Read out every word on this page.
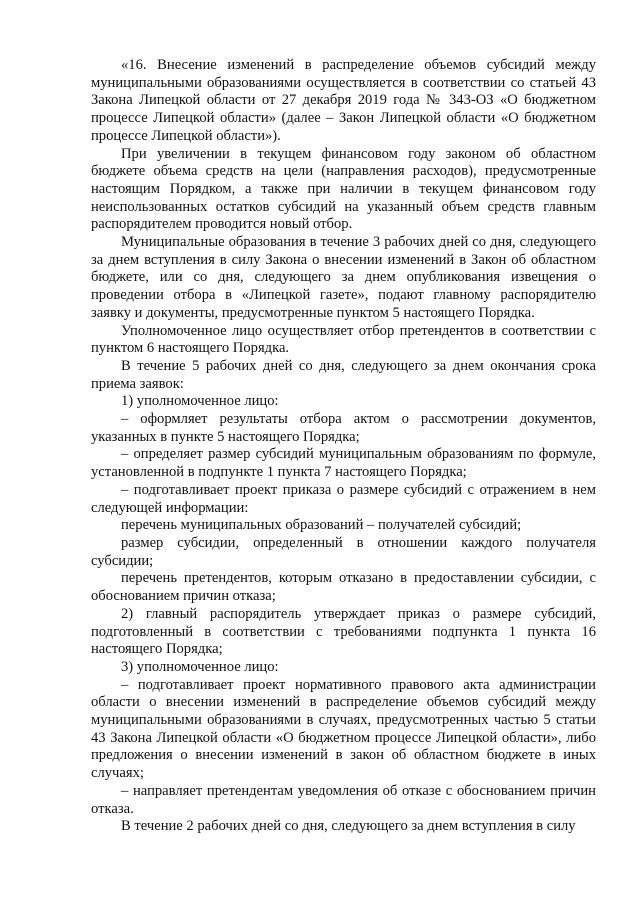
«16. Внесение изменений в распределение объемов субсидий между муниципальными образованиями осуществляется в соответствии со статьей 43 Закона Липецкой области от 27 декабря 2019 года № 343-ОЗ «О бюджетном процессе Липецкой области» (далее – Закон Липецкой области «О бюджетном процессе Липецкой области»).

При увеличении в текущем финансовом году законом об областном бюджете объема средств на цели (направления расходов), предусмотренные настоящим Порядком, а также при наличии в текущем финансовом году неиспользованных остатков субсидий на указанный объем средств главным распорядителем проводится новый отбор.

Муниципальные образования в течение 3 рабочих дней со дня, следующего за днем вступления в силу Закона о внесении изменений в Закон об областном бюджете, или со дня, следующего за днем опубликования извещения о проведении отбора в «Липецкой газете», подают главному распорядителю заявку и документы, предусмотренные пунктом 5 настоящего Порядка.

Уполномоченное лицо осуществляет отбор претендентов в соответствии с пунктом 6 настоящего Порядка.

В течение 5 рабочих дней со дня, следующего за днем окончания срока приема заявок:

1) уполномоченное лицо:

– оформляет результаты отбора актом о рассмотрении документов, указанных в пункте 5 настоящего Порядка;

– определяет размер субсидий муниципальным образованиям по формуле, установленной в подпункте 1 пункта 7 настоящего Порядка;

– подготавливает проект приказа о размере субсидий с отражением в нем следующей информации:

перечень муниципальных образований – получателей субсидий;

размер субсидии, определенный в отношении каждого получателя субсидии;

перечень претендентов, которым отказано в предоставлении субсидии, с обоснованием причин отказа;

2) главный распорядитель утверждает приказ о размере субсидий, подготовленный в соответствии с требованиями подпункта 1 пункта 16 настоящего Порядка;

3) уполномоченное лицо:

– подготавливает проект нормативного правового акта администрации области о внесении изменений в распределение объемов субсидий между муниципальными образованиями в случаях, предусмотренных частью 5 статьи 43 Закона Липецкой области «О бюджетном процессе Липецкой области», либо предложения о внесении изменений в закон об областном бюджете в иных случаях;

– направляет претендентам уведомления об отказе с обоснованием причин отказа.

В течение 2 рабочих дней со дня, следующего за днем вступления в силу
